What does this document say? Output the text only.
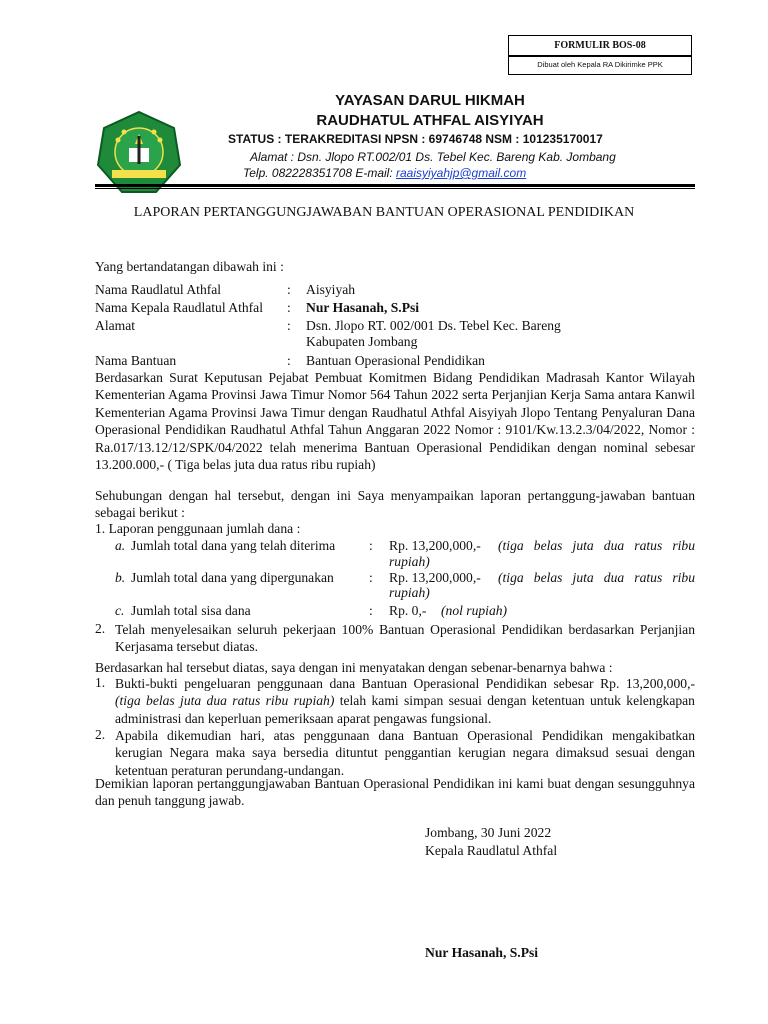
FORMULIR BOS-08
Dibuat oleh Kepala RA Dikirimke PPK
YAYASAN DARUL HIKMAH
RAUDHATUL ATHFAL AISYIYAH
STATUS : TERAKREDITASI NPSN : 69746748 NSM : 101235170017
Alamat : Dsn. Jlopo RT.002/01 Ds. Tebel Kec. Bareng Kab. Jombang
Telp. 082228351708 E-mail: raaisyiyahjp@gmail.com
LAPORAN PERTANGGUNGJAWABAN BANTUAN OPERASIONAL PENDIDIKAN
Yang bertandatangan dibawah ini :
Nama Raudlatul Athfal	: Aisyiyah
Nama Kepala Raudlatul Athfal : Nur Hasanah, S.Psi
Alamat	: Dsn. Jlopo RT. 002/001 Ds. Tebel Kec. Bareng
Kabupaten Jombang
Nama Bantuan	: Bantuan Operasional Pendidikan
Berdasarkan Surat Keputusan Pejabat Pembuat Komitmen Bidang Pendidikan Madrasah Kantor Wilayah Kementerian Agama Provinsi Jawa Timur Nomor 564 Tahun 2022 serta Perjanjian Kerja Sama antara Kanwil Kementerian Agama Provinsi Jawa Timur dengan Raudhatul Athfal Aisyiyah Jlopo Tentang Penyaluran Dana Operasional Pendidikan Raudhatul Athfal Tahun Anggaran 2022 Nomor : 9101/Kw.13.2.3/04/2022, Nomor : Ra.017/13.12/12/SPK/04/2022 telah menerima Bantuan Operasional Pendidikan dengan nominal sebesar 13.200.000,- ( Tiga belas juta dua ratus ribu rupiah)
Sehubungan dengan hal tersebut, dengan ini Saya menyampaikan laporan pertanggung-jawaban bantuan sebagai berikut :
1. Laporan penggunaan jumlah dana :
a. Jumlah total dana yang telah diterima : Rp. 13,200,000,- (tiga belas juta dua ratus ribu
rupiah)
b. Jumlah total dana yang dipergunakan	: Rp. 13,200,000,- (tiga belas juta dua ratus ribu
rupiah)
c. Jumlah total sisa dana	: Rp. 0,- (nol rupiah)
2. Telah menyelesaikan seluruh pekerjaan 100% Bantuan Operasional Pendidikan berdasarkan Perjanjian Kerjasama tersebut diatas.
Berdasarkan hal tersebut diatas, saya dengan ini menyatakan dengan sebenar-benarnya bahwa :
1. Bukti-bukti pengeluaran penggunaan dana Bantuan Operasional Pendidikan sebesar Rp. 13,200,000,- (tiga belas juta dua ratus ribu rupiah) telah kami simpan sesuai dengan ketentuan untuk kelengkapan administrasi dan keperluan pemeriksaan aparat pengawas fungsional.
2. Apabila dikemudian hari, atas penggunaan dana Bantuan Operasional Pendidikan mengakibatkan kerugian Negara maka saya bersedia dituntut penggantian kerugian negara dimaksud sesuai dengan ketentuan peraturan perundang-undangan.
Demikian laporan pertanggungjawaban Bantuan Operasional Pendidikan ini kami buat dengan sesungguhnya dan penuh tanggung jawab.
Jombang, 30 Juni 2022
Kepala Raudlatul Athfal
Nur Hasanah, S.Psi
